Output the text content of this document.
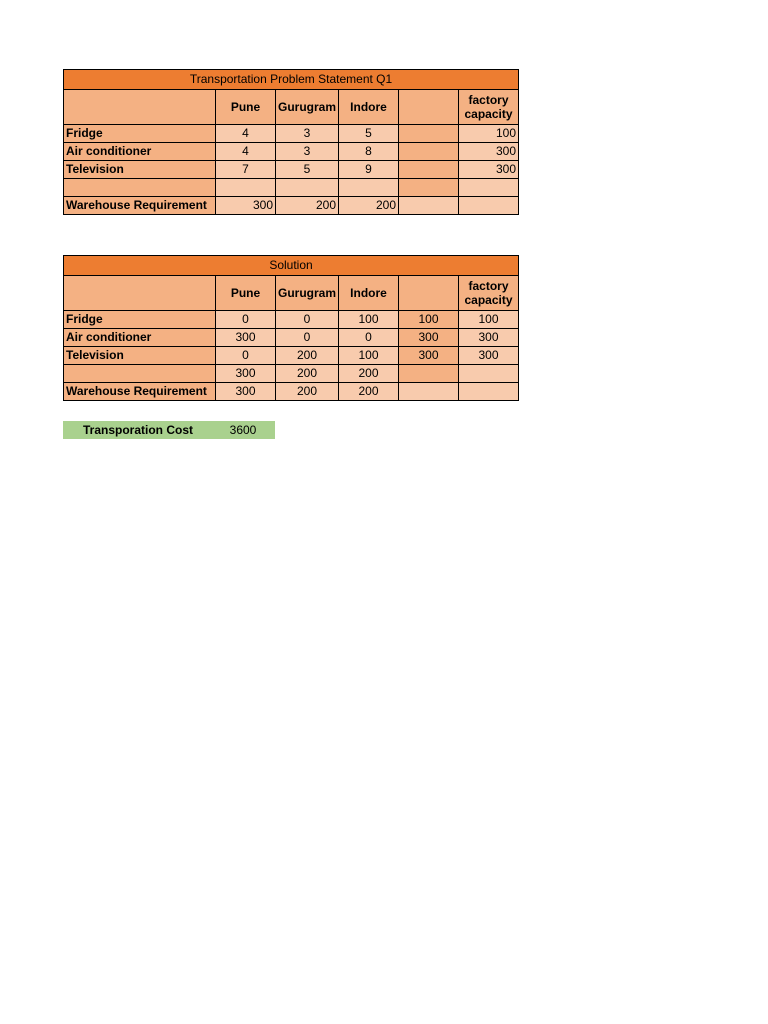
Transportation Problem Statement Q1					
	Pune	Gurugram	Indore		factory capacity
Fridge	4	3	5		100
Air conditioner	4	3	8		300
Television	7	5	9		300

Warehouse Requirement	300	200	200		
Solution					
	Pune	Gurugram	Indore		factory capacity
Fridge	0	0	100	100	100
Air conditioner	300	0	0	300	300
Television	0	200	100	300	300
	300	200	200		
Warehouse Requirement	300	200	200		
Transporation Cost	3600
